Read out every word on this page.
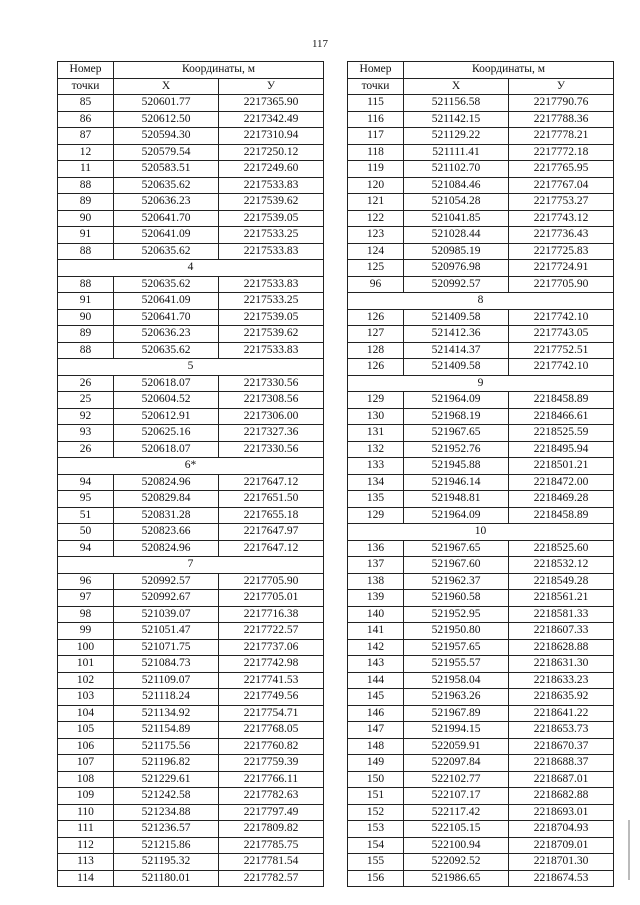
117
Номер	Координаты, м	
точки	X	У
85	520601.77	2217365.90
86	520612.50	2217342.49
87	520594.30	2217310.94
12	520579.54	2217250.12
11	520583.51	2217249.60
88	520635.62	2217533.83
89	520636.23	2217539.62
90	520641.70	2217539.05
91	520641.09	2217533.25
88	520635.62	2217533.83
4		
88	520635.62	2217533.83
91	520641.09	2217533.25
90	520641.70	2217539.05
89	520636.23	2217539.62
88	520635.62	2217533.83
5		
26	520618.07	2217330.56
25	520604.52	2217308.56
92	520612.91	2217306.00
93	520625.16	2217327.36
26	520618.07	2217330.56
6*		
94	520824.96	2217647.12
95	520829.84	2217651.50
51	520831.28	2217655.18
50	520823.66	2217647.97
94	520824.96	2217647.12
7		
96	520992.57	2217705.90
97	520992.67	2217705.01
98	521039.07	2217716.38
99	521051.47	2217722.57
100	521071.75	2217737.06
101	521084.73	2217742.98
102	521109.07	2217741.53
103	521118.24	2217749.56
104	521134.92	2217754.71
105	521154.89	2217768.05
106	521175.56	2217760.82
107	521196.82	2217759.39
108	521229.61	2217766.11
109	521242.58	2217782.63
110	521234.88	2217797.49
111	521236.57	2217809.82
112	521215.86	2217785.75
113	521195.32	2217781.54
114	521180.01	2217782.57
Номер	Координаты, м	
точки	X	У
115	521156.58	2217790.76
116	521142.15	2217788.36
117	521129.22	2217778.21
118	521111.41	2217772.18
119	521102.70	2217765.95
120	521084.46	2217767.04
121	521054.28	2217753.27
122	521041.85	2217743.12
123	521028.44	2217736.43
124	520985.19	2217725.83
125	520976.98	2217724.91
96	520992.57	2217705.90
8		
126	521409.58	2217742.10
127	521412.36	2217743.05
128	521414.37	2217752.51
126	521409.58	2217742.10
9		
129	521964.09	2218458.89
130	521968.19	2218466.61
131	521967.65	2218525.59
132	521952.76	2218495.94
133	521945.88	2218501.21
134	521946.14	2218472.00
135	521948.81	2218469.28
129	521964.09	2218458.89
10		
136	521967.65	2218525.60
137	521967.60	2218532.12
138	521962.37	2218549.28
139	521960.58	2218561.21
140	521952.95	2218581.33
141	521950.80	2218607.33
142	521957.65	2218628.88
143	521955.57	2218631.30
144	521958.04	2218633.23
145	521963.26	2218635.92
146	521967.89	2218641.22
147	521994.15	2218653.73
148	522059.91	2218670.37
149	522097.84	2218688.37
150	522102.77	2218687.01
151	522107.17	2218682.88
152	522117.42	2218693.01
153	522105.15	2218704.93
154	522100.94	2218709.01
155	522092.52	2218701.30
156	521986.65	2218674.53
